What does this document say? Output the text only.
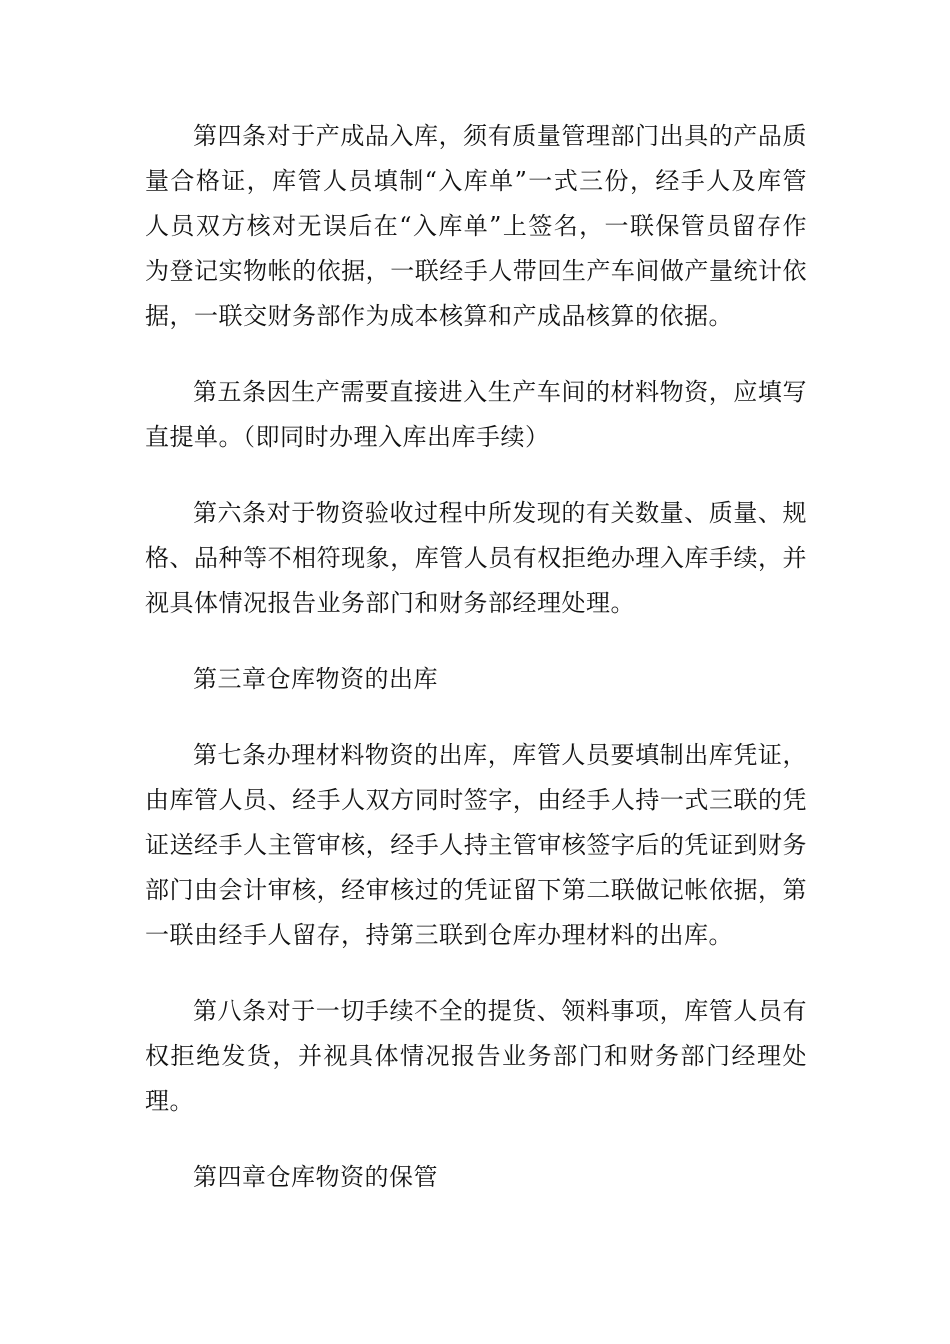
第四条对于产成品入库，须有质量管理部门出具的产品质量合格证，库管人员填制“入库单”一式三份，经手人及库管人员双方核对无误后在“入库单”上签名，一联保管员留存作为登记实物帐的依据，一联经手人带回生产车间做产量统计依据，一联交财务部作为成本核算和产成品核算的依据。

第五条因生产需要直接进入生产车间的材料物资，应填写直提单。（即同时办理入库出库手续）

第六条对于物资验收过程中所发现的有关数量、质量、规格、品种等不相符现象，库管人员有权拒绝办理入库手续，并视具体情况报告业务部门和财务部经理处理。

第三章仓库物资的出库

第七条办理材料物资的出库，库管人员要填制出库凭证，由库管人员、经手人双方同时签字，由经手人持一式三联的凭证送经手人主管审核，经手人持主管审核签字后的凭证到财务部门由会计审核，经审核过的凭证留下第二联做记帐依据，第一联由经手人留存，持第三联到仓库办理材料的出库。

第八条对于一切手续不全的提货、领料事项，库管人员有权拒绝发货，并视具体情况报告业务部门和财务部门经理处理。

第四章仓库物资的保管
